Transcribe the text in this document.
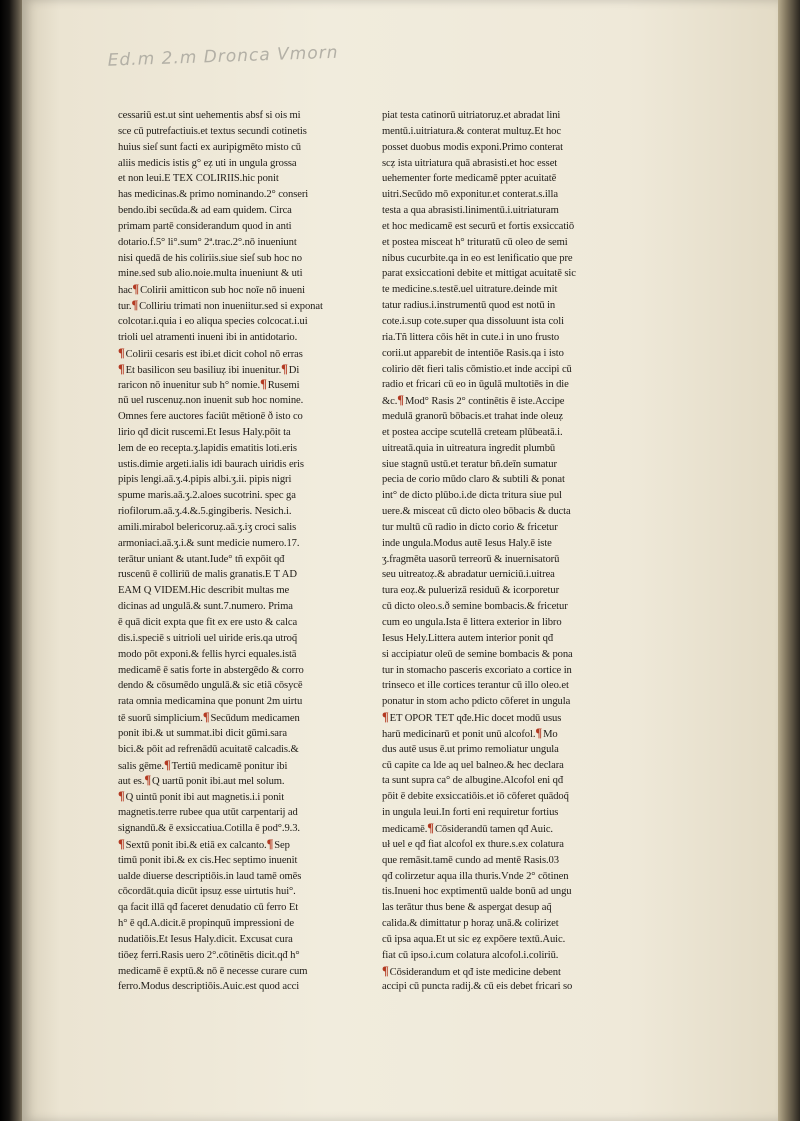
Ed.m 2.m Dronca Vmorn
cessariū est.ut sint uehementis absf si ois mi
sce cū putrefactiuis.et textus secundi cotinetis
huius sieſ sunt facti ex auripigmēto misto cū
aliis medicis istis g° eẓ uti in ungula grossa
et non leui.E TEX COLIRIIS.hic ponit
has medicinas.& primo nominando.2° conseri
bendo.ibi secūda.& ad eam quidem. Circa
primam partē considerandum quod in anti
dotario.f.5° li°.sum° 2ª.trac.2°.nō inueniunt
nisi quedā de his coliriis.siue sieſ sub hoc no
mine.sed sub alio.noie.multa inueniunt & uti
hac¶Colirii amitticon sub hoc noīe nō inueni
tur.¶Colliriu trimati non inueniitur.sed si exponat
colcotar.i.quia i eo aliqua species colcocat.i.ui
trioli uel atramenti inueni ibi in antidotario.
¶Colirii cesaris est ibi.et dicit cohol nō erras
¶Et basilicon seu basiliuẓ ibi inuenitur.¶Di
raricon nō inuenitur sub h° nomie.¶Rusemi
nū uel ruscenuẓ.non inuenit sub hoc nomine.
Omnes fere auctores faciūt mētionē ð isto co
lirio qđ dicit ruscemi.Et Iesus Haly.pōit ta
lem de eo recepta.ʒ.lapidis ematitis loti.eris
ustis.dimie argeti.ialis idi baurach uiridis eris
pipis lengi.aā.ʒ.4.pipis albi.ʒ.ii. pipis nigri
spume maris.aā.ʒ.2.aloes sucotrini. spec ga
riofilorum.aā.ʒ.4.&.5.gingiberis. Nesich.i.
amili.mirabol belericoruẓ.aā.ʒ.iʒ croci salis
armoniaci.aā.ʒ.i.& sunt medicie numero.17.
terātur uniant & utant.Iude° tñ expōit qđ
ruscenū ē colliriū de malis granatis.E T AD
EAM Q VIDEM.Hic describit multas me
dicinas ad ungulā.& sunt.7.numero. Prima
ē quā dicit expta que fit ex ere usto & calca
dis.i.speciē s uitrioli uel uiride eris.qa utroq̃
modo pōt exponi.& fellis hyrci equales.istā
medicamē ē satis forte in abstergēdo & corro
dendo & cōsumēdo ungulā.& sic etiā cōsycē
rata omnia medicamina que ponunt 2m uirtu
tē suorū simplicium.¶Secūdum medicamen
ponit ibi.& ut summat.ibi dicit gūmi.sara
bici.& pōit ad refrenādū acuitatē calcadis.&
salis gēme.¶Tertiū medicamē ponitur ibi
aut es.¶Q uartū ponit ibi.aut mel solum.
¶Q uintū ponit ibi aut magnetis.i.i ponit
magnetis.terre rubee qua utūt carpentarij ad
signandū.& ē exsiccatiua.Cotilla ē pod°.9.3.
¶Sextū ponit ibi.& etiā ex calcanto.¶Sep
timū ponit ibi.& ex cis.Hec septimo inuenit
ualde diuerse descriptiōis.in laud tamē omēs
cōcordāt.quia dicūt ipsuẓ esse uirtutis hui°.
qa facit illā qđ faceret denudatio cū ferro Et
h° ē qđ.A.dicit.ē propinquū impressioni de
nudatiōis.Et Iesus Haly.dicit. Excusat cura
tiōeẓ ferri.Rasis uero 2°.cōtinētis dicit.qđ h°
medicamē ē exptū.& nō ē necesse curare cum
ferro.Modus descriptiōis.Auic.est quod acci
piat testa catinorū uitriatoruẓ.et abradat lini
mentū.i.uitriatura.& conterat multuẓ.Et hoc
posset duobus modis exponi.Primo conterat
scẓ ista uitriatura quā abrasisti.et hoc esset
uehementer forte medicamē ppter acuitatē
uitri.Secūdo mō exponitur.et conterat.s.illa
testa a qua abrasisti.linimentū.i.uitriaturam
et hoc medicamē est securū et fortis exsiccatiō
et postea misceat h° trituratū cū oleo de semi
nibus cucurbite.qa in eo est lenificatio que pre
parat exsiccationi debite et mittigat acuitatē sic
te medicine.s.testē.uel uitrature.deinde mit
tatur radius.i.instrumentū quod est notū in
cote.i.sup cote.super qua dissoluunt ista coli
ria.Tñ littera cōis hēt in cute.i in uno frusto
corii.ut apparebit de intentiōe Rasis.qa i isto
colirio dēt fieri talis cōmistio.et inde accipi cū
radio et fricari cū eo in ūgulā multotiēs in die
&c.¶Mod° Rasis 2° continētis ē iste.Accipe
medulā granorū bōbacis.et trahat inde oleuẓ
et postea accipe scutellā creteam plūbeatā.i.
uitreatā.quia in uitreatura ingredit plumbū
siue stagnū ustū.et teratur bñ.deīn sumatur
pecia de corio mūdo claro & subtili & ponat
int° de dicto plūbo.i.de dicta tritura siue pul
uere.& misceat cū dicto oleo bōbacis & ducta
tur multū cū radio in dicto corio & fricetur
inde ungula.Modus autē Iesus Haly.ē iste
ʒ.fragmēta uasorū terreorū & inuernisatorū
seu uitreatoẓ.& abradatur uerniciū.i.uitrea
tura eoẓ.& puluerizā residuū & icorporetur
cū dicto oleo.s.ð semine bombacis.& fricetur
cum eo ungula.Ista ē littera exterior in libro
Iesus Hely.Littera autem interior ponit qđ
si accipiatur oleū de semine bombacis & pona
tur in stomacho pasceris excoriato a cortice in
trinseco et ille cortices terantur cū illo oleo.et
ponatur in stom acho pdicto cōferet in ungula
¶ET OPOR TET qđe.Hic docet modū usus
harū medicinarū et ponit unū alcofol.¶Mo
dus autē usus ē.ut primo remoliatur ungula
cū capite ca lde aq uel balneo.& hec declara
ta sunt supra ca° de albugine.Alcofol eni qđ
pōit ē debite exsiccatiōis.et iō cōferet quādoq̃
in ungula leui.In forti eni requiretur fortius
medicamē.¶Cōsiderandū tamen qđ Auic.
uł uel e qđ fiat alcofol ex thure.s.ex colatura
que remāsit.tamē cundo ad mentē Rasis.03
qđ colirzetur aqua illa thuris.Vnde 2° cōtinen
tis.Inueni hoc exptimentū ualde bonū ad ungu
las terātur thus bene & aspergat desup aq̃
calida.& dimittatur p horaẓ unā.& colirizet
cū ipsa aqua.Et ut sic eẓ expōere textū.Auic.
fiat cū ipso.i.cum colatura alcofol.i.coliriū.
¶Cōsiderandum et qđ iste medicine debent
accipi cū puncta radij.& cū eis debet fricari so
